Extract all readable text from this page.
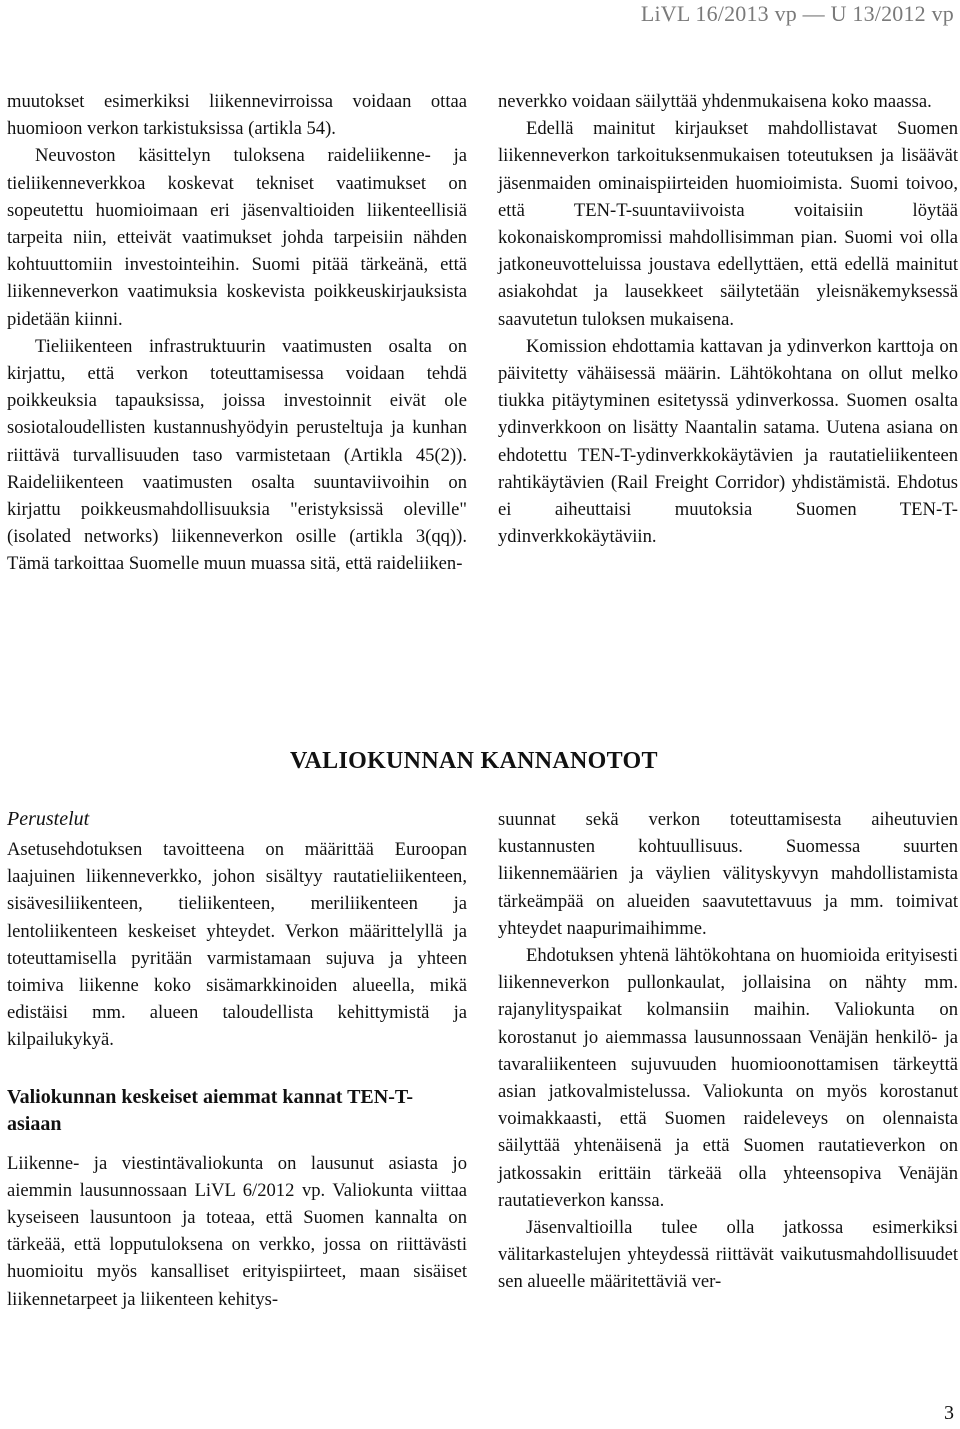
LiVL 16/2013 vp — U 13/2012 vp

muutokset esimerkiksi liikennevirroissa voidaan ottaa huomioon verkon tarkistuksissa (artikla 54).

Neuvoston käsittelyn tuloksena raideliikenne- ja tieliikenneverkkoa koskevat tekniset vaatimukset on sopeutettu huomioimaan eri jäsenvaltioiden liikenteellisiä tarpeita niin, etteivät vaatimukset johda tarpeisiin nähden kohtuuttomiin investointeihin. Suomi pitää tärkeänä, että liikenneverkon vaatimuksia koskevista poikkeuskirjauksista pidetään kiinni.

Tieliikenteen infrastruktuurin vaatimusten osalta on kirjattu, että verkon toteuttamisessa voidaan tehdä poikkeuksia tapauksissa, joissa investoinnit eivät ole sosiotaloudellisten kustannushyödyin perusteltuja ja kunhan riittävä turvallisuuden taso varmistetaan (Artikla 45(2)). Raideliikenteen vaatimusten osalta suuntaviivoihin on kirjattu poikkeusmahdollisuuksia "eristyksissä oleville" (isolated networks) liikenneverkon osille (artikla 3(qq)). Tämä tarkoittaa Suomelle muun muassa sitä, että raideliiken-

neverkko voidaan säilyttää yhdenmukaisena koko maassa.

Edellä mainitut kirjaukset mahdollistavat Suomen liikenneverkon tarkoituksenmukaisen toteutuksen ja lisäävät jäsenmaiden ominaispiirteiden huomioimista. Suomi toivoo, että TEN-T-suuntaviivoista voitaisiin löytää kokonaiskompromissi mahdollisimman pian. Suomi voi olla jatkoneuvotteluissa joustava edellyttäen, että edellä mainitut asiakohdat ja lausekkeet säilytetään yleisnäkemyksessä saavutetun tuloksen mukaisena.

Komission ehdottamia kattavan ja ydinverkon karttoja on päivitetty vähäisessä määrin. Lähtökohtana on ollut melko tiukka pitäytyminen esitetyssä ydinverkossa. Suomen osalta ydinverkkoon on lisätty Naantalin satama. Uutena asiana on ehdotettu TEN-T-ydinverkkokäytävien ja rautatieliikenteen rahtikäytävien (Rail Freight Corridor) yhdistämistä. Ehdotus ei aiheuttaisi muutoksia Suomen TEN-T-ydinverkkokäytäviin.

VALIOKUNNAN KANNANOTOT
Perustelut

Asetusehdotuksen tavoitteena on määrittää Euroopan laajuinen liikenneverkko, johon sisältyy rautatieliikenteen, sisävesiliikenteen, tieliikenteen, meriliikenteen ja lentoliikenteen keskeiset yhteydet. Verkon määrittelyllä ja toteuttamisella pyritään varmistamaan sujuva ja yhteen toimiva liikenne koko sisämarkkinoiden alueella, mikä edistäisi mm. alueen taloudellista kehittymistä ja kilpailukykyä.

Valiokunnan keskeiset aiemmat kannat TEN-T-asiaan

Liikenne- ja viestintävaliokunta on lausunut asiasta jo aiemmin lausunnossaan LiVL 6/2012 vp. Valiokunta viittaa kyseiseen lausuntoon ja toteaa, että Suomen kannalta on tärkeää, että lopputuloksena on verkko, jossa on riittävästi huomioitu myös kansalliset erityispiirteet, maan sisäiset liikennetarpeet ja liikenteen kehitys-

suunnat sekä verkon toteuttamisesta aiheutuvien kustannusten kohtuullisuus. Suomessa suurten liikennemäärien ja väylien välityskyvyn mahdollistamista tärkeämpää on alueiden saavutettavuus ja mm. toimivat yhteydet naapurimaihimme.

Ehdotuksen yhtenä lähtökohtana on huomioida erityisesti liikenneverkon pullonkaulat, jollaisina on nähty mm. rajanylityspaikat kolmansiin maihin. Valiokunta on korostanut jo aiemmassa lausunnossaan Venäjän henkilö- ja tavaraliikenteen sujuvuuden huomioonottamisen tärkeyttä asian jatkovalmistelussa. Valiokunta on myös korostanut voimakkaasti, että Suomen raideleveys on olennaista säilyttää yhtenäisenä ja että Suomen rautatieverkon on jatkossakin erittäin tärkeää olla yhteensopiva Venäjän rautatieverkon kanssa.

Jäsenvaltioilla tulee olla jatkossa esimerkiksi välitarkastelujen yhteydessä riittävät vaikutusmahdollisuudet sen alueelle määritettäviä ver-

3
